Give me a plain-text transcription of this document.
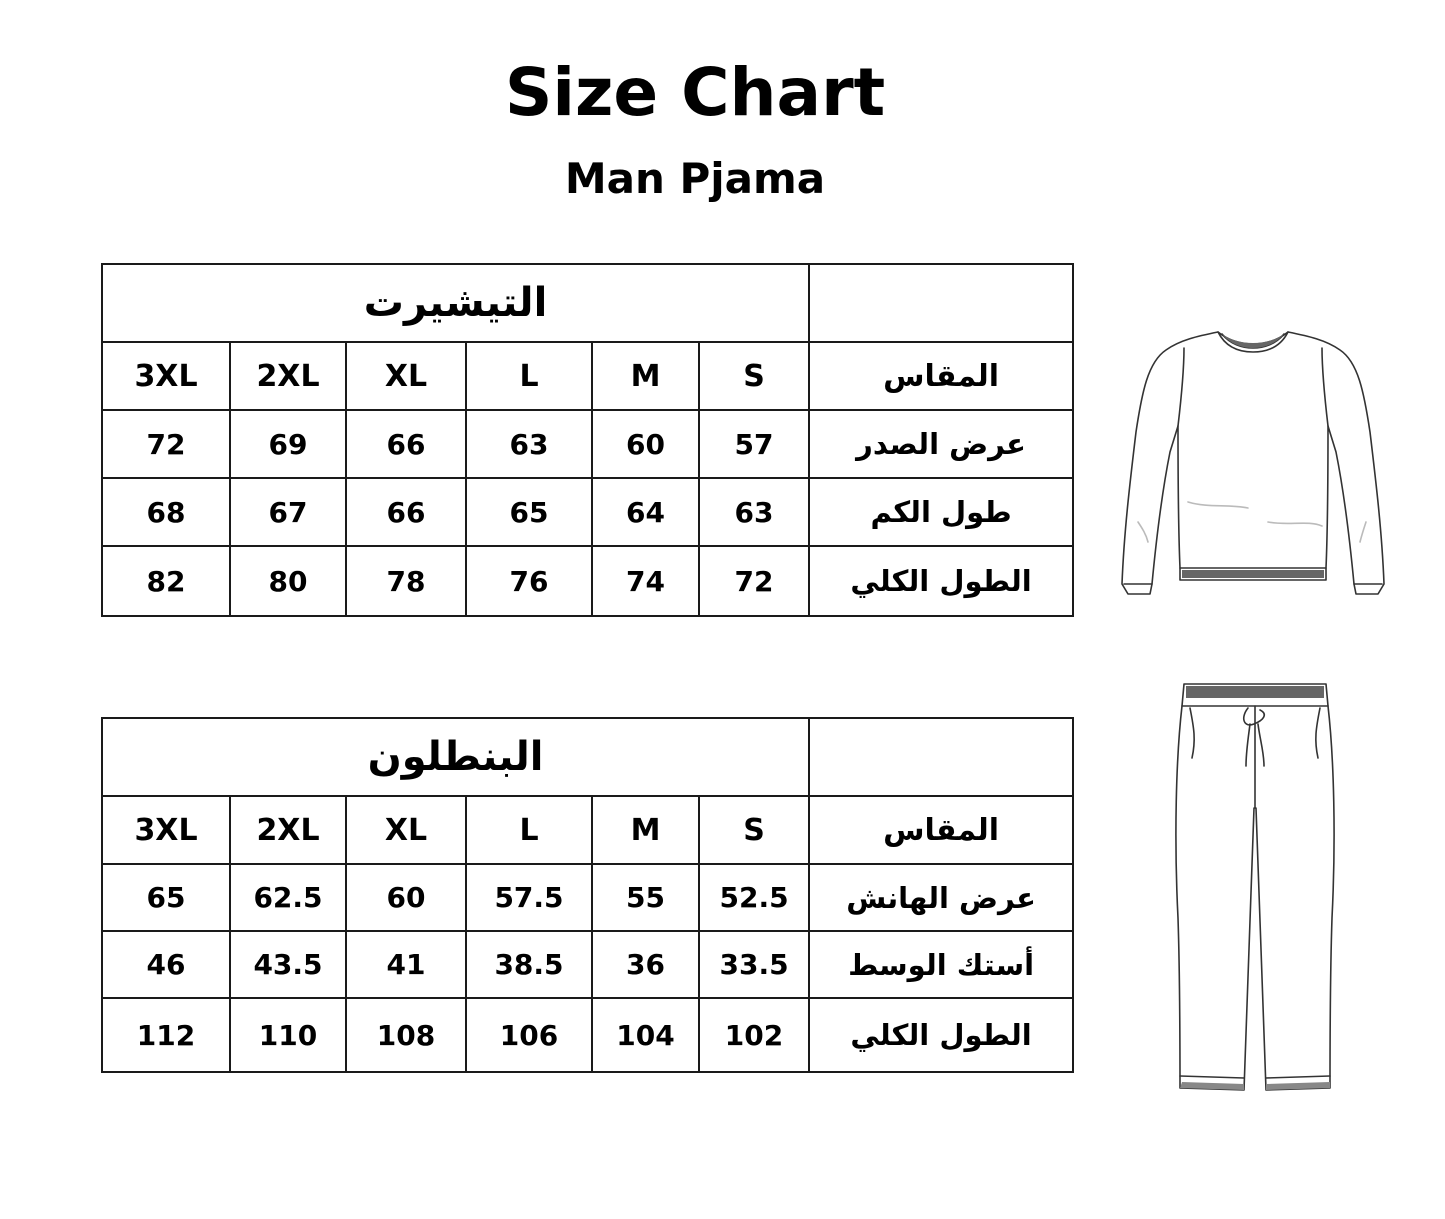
Size Chart
Man Pjama
التيشيرت						
3XL	2XL	XL	L	M	S	المقاس
72	69	66	63	60	57	عرض الصدر
68	67	66	65	64	63	طول الكم
82	80	78	76	74	72	الطول الكلي
البنطلون						
3XL	2XL	XL	L	M	S	المقاس
65	62.5	60	57.5	55	52.5	عرض الهانش
46	43.5	41	38.5	36	33.5	أستك الوسط
112	110	108	106	104	102	الطول الكلي
